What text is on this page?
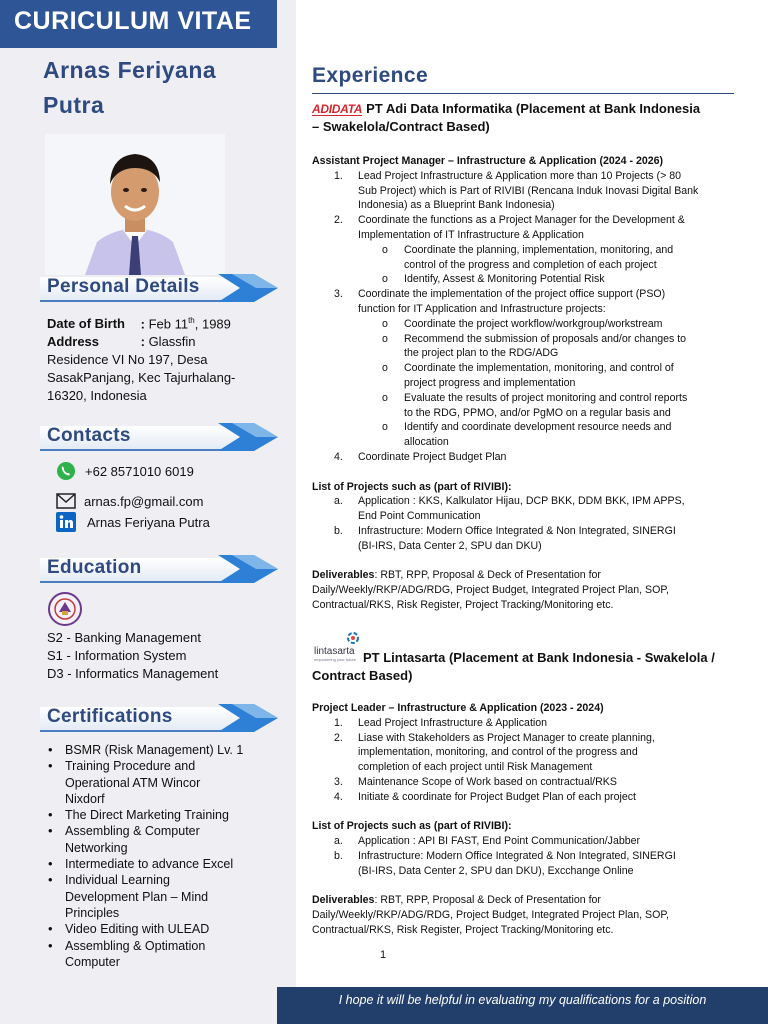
CURICULUM VITAE
Arnas Feriyana
Putra
Personal Details
Date of Birth : Feb 11th, 1989
Address	: Glassfin
Residence VI No 197, Desa
SasakPanjang, Kec Tajurhalang-
16320, Indonesia
Contacts
+62 8571010 6019
arnas.fp@gmail.com
Arnas Feriyana Putra
Education
S2 - Banking Management
S1 - Information System
D3 - Informatics Management
Certifications
• BSMR (Risk Management) Lv. 1
• Training Procedure and
Operational ATM Wincor
Nixdorf
• The Direct Marketing Training
• Assembling & Computer
Networking
• Intermediate to advance Excel
• Individual Learning
Development Plan – Mind
Principles
• Video Editing with ULEAD
• Assembling & Optimation
Computer
Experience
ADIDATA PT Adi Data Informatika (Placement at Bank Indonesia
– Swakelola/Contract Based)
Assistant Project Manager – Infrastructure & Application (2024 - 2026)
1. Lead Project Infrastructure & Application more than 10 Projects (> 80
Sub Project) which is Part of RIVIBI (Rencana Induk Inovasi Digital Bank
Indonesia) as a Blueprint Bank Indonesia)
2. Coordinate the functions as a Project Manager for the Development &
Implementation of IT Infrastructure & Application
o Coordinate the planning, implementation, monitoring, and
control of the progress and completion of each project
o Identify, Assest & Monitoring Potential Risk
3. Coordinate the implementation of the project office support (PSO)
function for IT Application and Infrastructure projects:
o Coordinate the project workflow/workgroup/workstream
o Recommend the submission of proposals and/or changes to
the project plan to the RDG/ADG
o Coordinate the implementation, monitoring, and control of
project progress and implementation
o Evaluate the results of project monitoring and control reports
to the RDG, PPMO, and/or PgMO on a regular basis and
o Identify and coordinate development resource needs and
allocation
4. Coordinate Project Budget Plan
List of Projects such as (part of RIVIBI):
a. Application : KKS, Kalkulator Hijau, DCP BKK, DDM BKK, IPM APPS,
End Point Communication
b. Infrastructure: Modern Office Integrated & Non Integrated, SINERGI
(BI-IRS, Data Center 2, SPU dan DKU)
Deliverables: RBT, RPP, Proposal & Deck of Presentation for
Daily/Weekly/RKP/ADG/RDG, Project Budget, Integrated Project Plan, SOP,
Contractual/RKS, Risk Register, Project Tracking/Monitoring etc.
lintasarta
empowering your future PT Lintasarta (Placement at Bank Indonesia - Swakelola /
Contract Based)
Project Leader – Infrastructure & Application (2023 - 2024)
1. Lead Project Infrastructure & Application
2. Liase with Stakeholders as Project Manager to create planning,
implementation, monitoring, and control of the progress and
completion of each project until Risk Management
3. Maintenance Scope of Work based on contractual/RKS
4. Initiate & coordinate for Project Budget Plan of each project
List of Projects such as (part of RIVIBI):
a. Application : API BI FAST, End Point Communication/Jabber
b. Infrastructure: Modern Office Integrated & Non Integrated, SINERGI
(BI-IRS, Data Center 2, SPU dan DKU), Excchange Online
Deliverables: RBT, RPP, Proposal & Deck of Presentation for
Daily/Weekly/RKP/ADG/RDG, Project Budget, Integrated Project Plan, SOP,
Contractual/RKS, Risk Register, Project Tracking/Monitoring etc.
1
I hope it will be helpful in evaluating my qualifications for a position
